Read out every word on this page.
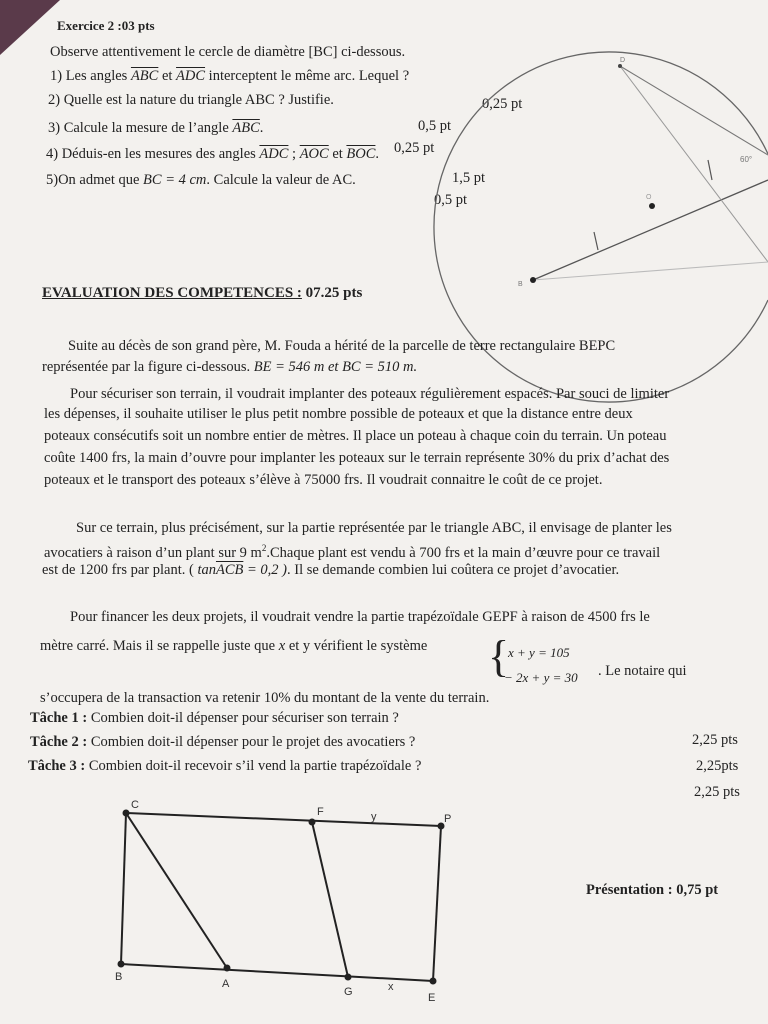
Exercice 2 :03 pts
Observe attentivement le cercle de diamètre [BC] ci-dessous.
1) Les angles $\overline{ABC}$ et $\overline{ADC}$ interceptent le même arc. Lequel ?
0,25 pt
2) Quelle est la nature du triangle ABC ? Justifie.
0,5 pt
3) Calcule la mesure de l’angle $\overline{ABC}$.
0,25 pt
4) Déduis-en les mesures des angles $\overline{ADC}$ ; $\overline{AOC}$ et $\overline{BOC}$.
1,5 pt
5)On admet que BC = 4 cm. Calcule la valeur de AC.
0,5 pt
D
B
O
60°
EVALUATION DES COMPETENCES : 07.25 pts
Suite au décès de son grand père, M. Fouda a hérité de la parcelle de terre rectangulaire BEPC
représentée par la figure ci-dessous. BE = 546 m et BC = 510 m.
Pour sécuriser son terrain, il voudrait implanter des poteaux régulièrement espacés. Par souci de limiter
les dépenses, il souhaite utiliser le plus petit nombre possible de poteaux et que la distance entre deux
poteaux consécutifs soit un nombre entier de mètres. Il place un poteau à chaque coin du terrain. Un poteau
coûte 1400 frs, la main d’ouvre pour implanter les poteaux sur le terrain représente 30% du prix d’achat des
poteaux et le transport des poteaux s’élève à 75000 frs. Il voudrait connaitre le coût de ce projet.
Sur ce terrain, plus précisément, sur la partie représentée par le triangle ABC, il envisage de planter les
avocatiers à raison d’un plant sur 9 $m^2.Chaque$ plant est vendu à 700 frs et la main d’œuvre pour ce travail
est de 1200 frs par plant. ( $\tan\overline{ACB} = 0,2$ ). Il se demande combien lui coûtera ce projet d’avocatier.
Pour financer les deux projets, il voudrait vendre la partie trapézoïdale GEPF à raison de 4500 frs le
mètre carré. Mais il se rappelle juste que x et y vérifient le système {
x + y = 105
− 2x + y = 30 . Le notaire qui
s’occupera de la transaction va retenir 10% du montant de la vente du terrain.
Tâche 1 : Combien doit-il dépenser pour sécuriser son terrain ?
2,25 pts
Tâche 2 : Combien doit-il dépenser pour le projet des avocatiers ?
2,25pts
Tâche 3 : Combien doit-il recevoir s’il vend la partie trapézoïdale ?
2,25 pts
C
F	y	P
B
A
G	x
E
Présentation : 0,75 pt
